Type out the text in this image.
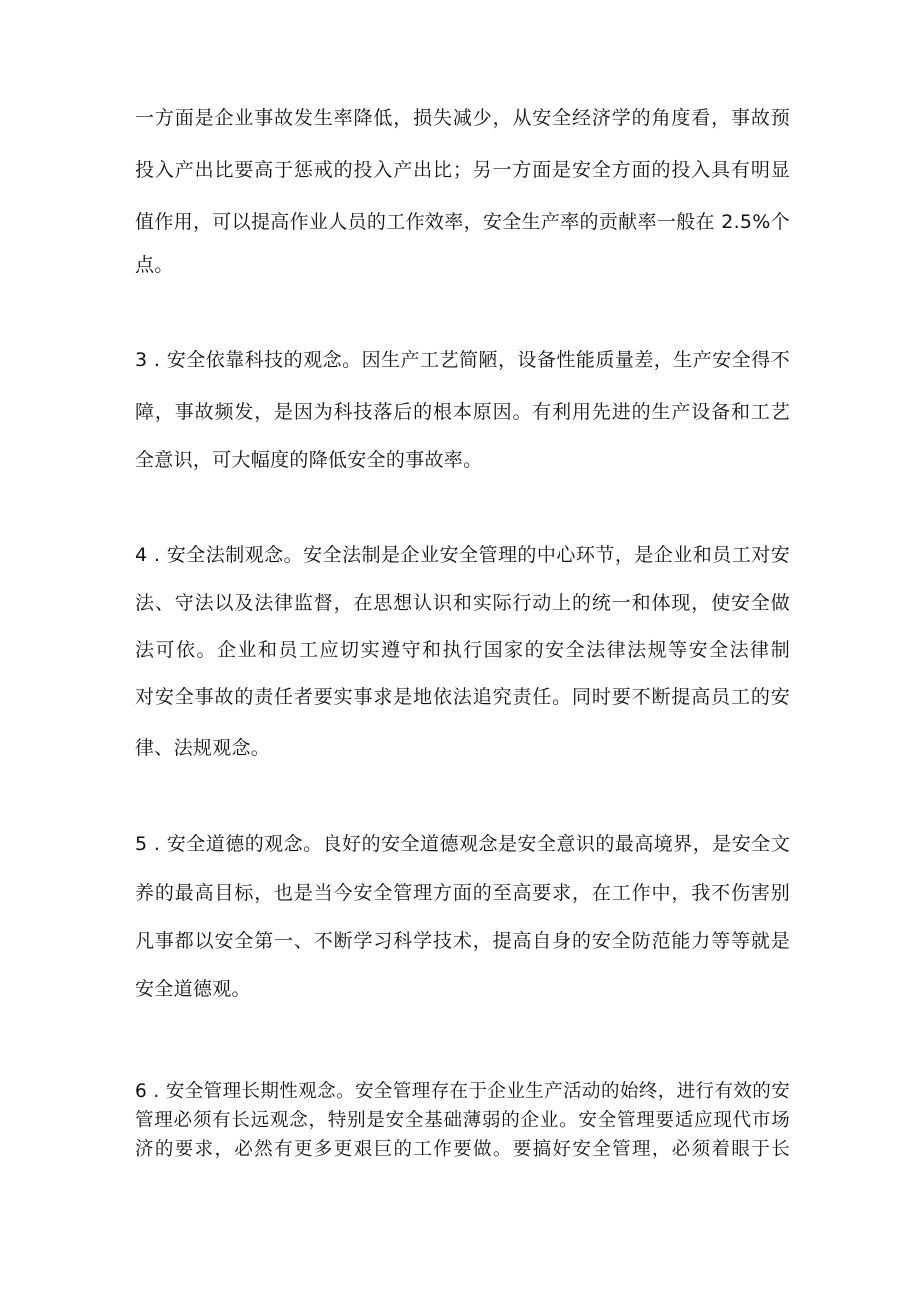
一方面是企业事故发生率降低，损失减少，从安全经济学的角度看，事故预
投入产出比要高于惩戒的投入产出比；另一方面是安全方面的投入具有明显
值作用，可以提高作业人员的工作效率，安全生产率的贡献率一般在 2.5%个
点。
3 . 安全依靠科技的观念。因生产工艺简陋，设备性能质量差，生产安全得不
障，事故频发，是因为科技落后的根本原因。有利用先进的生产设备和工艺
全意识，可大幅度的降低安全的事故率。
4 . 安全法制观念。安全法制是企业安全管理的中心环节，是企业和员工对安
法、守法以及法律监督，在思想认识和实际行动上的统一和体现，使安全做
法可依。企业和员工应切实遵守和执行国家的安全法律法规等安全法律制
对安全事故的责任者要实事求是地依法追究责任。同时要不断提高员工的安
律、法规观念。
5 . 安全道德的观念。良好的安全道德观念是安全意识的最高境界，是安全文
养的最高目标，也是当今安全管理方面的至高要求，在工作中，我不伤害别
凡事都以安全第一、不断学习科学技术，提高自身的安全防范能力等等就是
安全道德观。
6 . 安全管理长期性观念。安全管理存在于企业生产活动的始终，进行有效的安
管理必须有长远观念，特别是安全基础薄弱的企业。安全管理要适应现代市场
济的要求，必然有更多更艰巨的工作要做。要搞好安全管理，必须着眼于长
